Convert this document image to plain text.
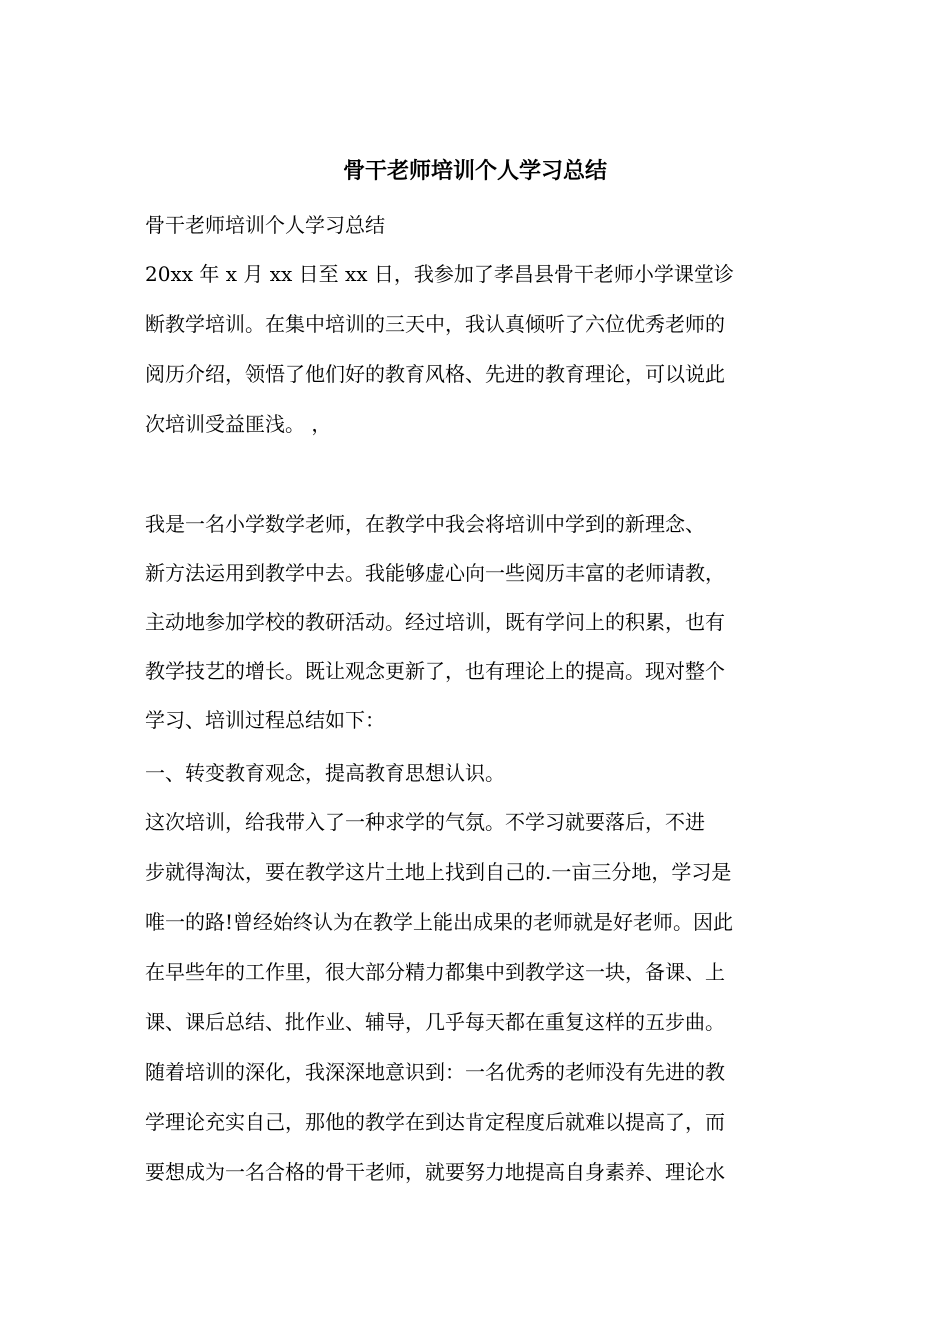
骨干老师培训个人学习总结
骨干老师培训个人学习总结
20xx 年 x 月 xx 日至 xx 日，我参加了孝昌县骨干老师小学课堂诊
断教学培训。在集中培训的三天中，我认真倾听了六位优秀老师的
阅历介绍，领悟了他们好的教育风格、先进的教育理论，可以说此
次培训受益匪浅。 ，
我是一名小学数学老师，在教学中我会将培训中学到的新理念、
新方法运用到教学中去。我能够虚心向一些阅历丰富的老师请教，
主动地参加学校的教研活动。经过培训，既有学问上的积累，也有
教学技艺的增长。既让观念更新了，也有理论上的提高。现对整个
学习、培训过程总结如下：
一、转变教育观念，提高教育思想认识。
这次培训，给我带入了一种求学的气氛。不学习就要落后，不进
步就得淘汰，要在教学这片土地上找到自己的.一亩三分地，学习是
唯一的路!曾经始终认为在教学上能出成果的老师就是好老师。因此
在早些年的工作里，很大部分精力都集中到教学这一块，备课、上
课、课后总结、批作业、辅导，几乎每天都在重复这样的五步曲。
随着培训的深化，我深深地意识到：一名优秀的老师没有先进的教
学理论充实自己，那他的教学在到达肯定程度后就难以提高了，而
要想成为一名合格的骨干老师，就要努力地提高自身素养、理论水
